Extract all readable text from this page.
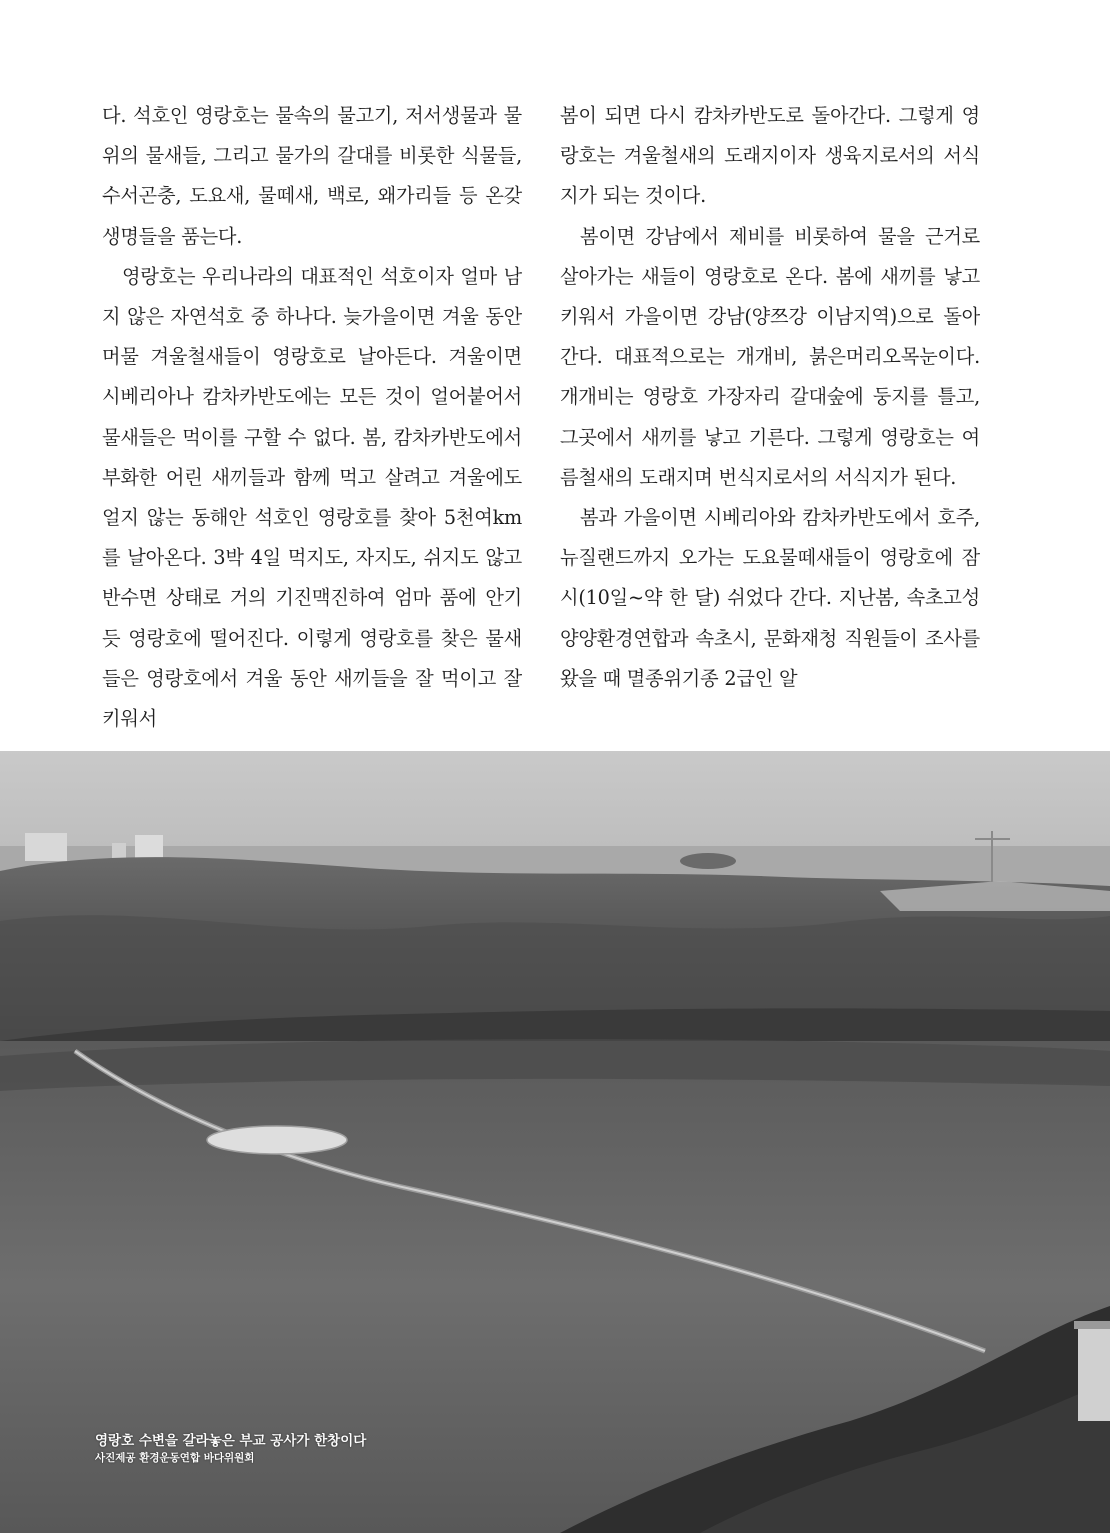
다. 석호인 영랑호는 물속의 물고기, 저서생물과 물 위의 물새들, 그리고 물가의 갈대를 비롯한 식물들, 수서곤충, 도요새, 물떼새, 백로, 왜가리들 등 온갖 생명들을 품는다.

영랑호는 우리나라의 대표적인 석호이자 얼마 남지 않은 자연석호 중 하나다. 늦가을이면 겨울 동안 머물 겨울철새들이 영랑호로 날아든다. 겨울이면 시베리아나 캄차카반도에는 모든 것이 얼어붙어서 물새들은 먹이를 구할 수 없다. 봄, 캄차카반도에서 부화한 어린 새끼들과 함께 먹고 살려고 겨울에도 얼지 않는 동해안 석호인 영랑호를 찾아 5천여km를 날아온다. 3박 4일 먹지도, 자지도, 쉬지도 않고 반수면 상태로 거의 기진맥진하여 엄마 품에 안기듯 영랑호에 떨어진다. 이렇게 영랑호를 찾은 물새들은 영랑호에서 겨울 동안 새끼들을 잘 먹이고 잘 키워서

봄이 되면 다시 캄차카반도로 돌아간다. 그렇게 영랑호는 겨울철새의 도래지이자 생육지로서의 서식지가 되는 것이다.

봄이면 강남에서 제비를 비롯하여 물을 근거로 살아가는 새들이 영랑호로 온다. 봄에 새끼를 낳고 키워서 가을이면 강남(양쯔강 이남지역)으로 돌아간다. 대표적으로는 개개비, 붉은머리오목눈이다. 개개비는 영랑호 가장자리 갈대숲에 둥지를 틀고, 그곳에서 새끼를 낳고 기른다. 그렇게 영랑호는 여름철새의 도래지며 번식지로서의 서식지가 된다.

봄과 가을이면 시베리아와 캄차카반도에서 호주, 뉴질랜드까지 오가는 도요물떼새들이 영랑호에 잠시(10일~약 한 달) 쉬었다 간다. 지난봄, 속초고성양양환경연합과 속초시, 문화재청 직원들이 조사를 왔을 때 멸종위기종 2급인 알

영랑호 수변을 갈라놓은 부교 공사가 한창이다
사진제공 환경운동연합 바다위원회
